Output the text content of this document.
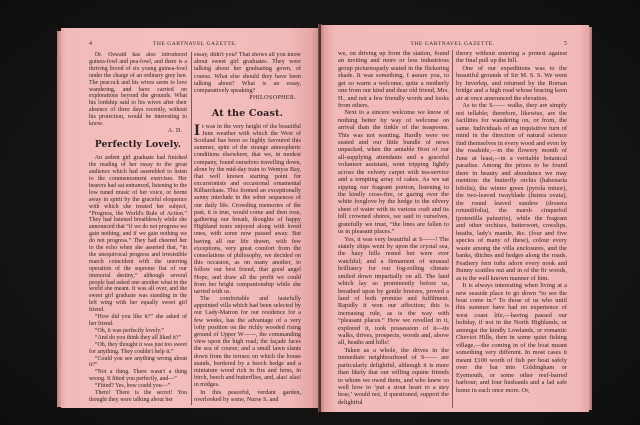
4	THE GARTNAVEL GAZETTE.

Dr. Oswald has also introduced guinea-fowl and pea-fowl, and there is a thriving brood of six young guinea-fowl under the charge of an ordinary grey hen. The peacock and his wives seem to love wandering, and have carried on explorations beyond the grounds. What his lordship said to his wives after their absence of three days recently, without his protection, would be interesting to know.

A. D.

Perfectly Lovely.

An ardent girl graduate had finished the reading of her essay to the great audience which had assembled to listen to the commencement exercises. Her hearers had sat entranced, listening to the low tuned music of her voice, or borne away in spirit by the graceful eloquence with which she treated her subject, “Progress, the World's Rule of Action.” They had listened breathlessly while she announced that “if we do not progress we gain nothing, and if we gain nothing we do not progress.” They had cheered her to the echo when she asserted that, “in the unequivocal progress and irresistible march coincident with the unerring operation of the supreme fiat of our immortal destiny,” although several people had asked one another what in the world she meant. It was all over, and the sweet girl graduate was standing in the left wing with her equally sweet girl friend.

“How did you like it?” she asked of her friend.

“Oh, it was perfectly lovely.”

“And do you think they all liked it?”

“Oh, they thought it was just too sweet for anything. They couldn't help it.”

“Could you see anything wrong about it?”

“Not a thing. There wasn't a thing wrong. It fitted you perfectly, and—”

“Fitted? Yes, how could you—”

There! There is the secret! You thought they were talking about her

essay, didn't you? That shows all you know about sweet girl graduates. They were talking about her graduating gown, of course. What else should they have been talking about? What is an essay, comparatively speaking?

PHILOSOPHER.

At the Coast.

It was in the very height of the beautiful June weather with which the West of Scotland has been so highly favoured this summer, spite of the strange atmospheric conditions elsewhere, that we, in modest company, found ourselves travelling down, alone by the mid-day train to Wemyss Bay, that well known starting point for excursionists and occasional ornamental Kilbarchans. This formed an exceptionally sunny interlude in the sober sequences of our daily life. Crowding memories of the past, it is true, would come and then rose, gathering our breath, thoughts of happy Highland tours enjoyed along with loved ones, with some now passed away. But having all our life drawn, with few exceptions, very great comfort from the consolations of philosophy, we decided on this occasion, as on many another, to follow our best friend, that good angel Hope, and draw all the profit we could from her bright companionship while she tarried with us.

The comfortable and tastefully appointed villa which had been selected by our Lady-Matron for our residence for a few weeks, has the advantage of a very lofty position on the richly wooded rising ground of Upper W——, the commanding view upon the high road; the façade faces the sea of course; and a small lawn slants down from the terrace on which the house stands, bordered by a beech hedge and a miniature wood rich in firs and ferns, in birch, beech and butterflies, and, alas! alas! in midges.

In this peaceful, verdant garden, overlooked by some, Nurse S. and

THE GARTNAVEL GAZETTE.	5

we, on driving up from the station, found an inviting and more or less industrious group picturesquely seated in the flickering shade. It was something, I assure you, to get so warm a welcome, quite a motherly one from our kind and dear old friend, Mrs. H., and not a few friendly words and looks from others.

Next to a sincere welcome we know of nothing better by way of welcome on arrival than the tinkle of the teaspoons. This was not wanting. Hardly were we seated and our little bundle of news unpacked, when the amiable Host of our all-supplying attendants and a graceful volunteer assistant, went tripping lightly across the velvety carpet with tea-service and a tempting array of cakes. As we sat sipping our fragrant portion, listening to the kindly cross-fire, or gazing over the white foxglove by the hedge to the silvery sheet of water with its various craft and its hill crowned shores, we said to ourselves, gratefully we trust, “the lines are fallen to us in pleasant places.”

Yes, it was very beautiful at S——! The stately ships went by upon the crystal sea, the hazy hills rested but were ever watchful; and a firmament of unusual brilliancy for our fog-rolling climate smiled down impartially on all. The land which lay so prominently before us, breathed upon by gentle breezes, proved a land of both promise and fulfilment. Rapidly it won our affection; this is increasing rule, as is the way with “pleasant places.” How we revelled in it, explored it, took possession of it—its walks, drives, prospects, woods and, above all, heaths and hills!

Taken as a whole, the drives in the immediate neighbourhood of S—— are particularly delightful, although it is more than likely that our willing equine friends to whom we owed them, and who knew so well how to ‘put a stout heart to a stey brae,’ would not, if questioned, support the delightful

theory without entering a protest against the final pull up the hill.

One of our expeditions was to the beautiful grounds of Sir M. S. S. We went by Inverkip, and returned by the Roman bridge and a high road whose bracing keen air at once announced the elevation.

As to the S—— walks, they are simply not tellable; therefore, likewise, are the facilities for wandering on, or from, the same. Individuals of an inquisitive turn of mind in the direction of natural science find themselves in every wood and even by the roadside,—in the flowery month of June at least,—in a veritable botanical paradise. Among the prizes to be found there in beauty and abundance we may mention: the butterfly orchis (habenaria bifolia), the winter green (pyrola minor), the two-leaved twayblade (listera ovata), the round leaved sundew (drosera rotundifolia), the marsh cinquefoil (potentilla palustris), while the fragrant and other orchises, butterwort, cowslips, heaths, lady's mantle, &c. (four and five species of many of these), colour every waste among the villa enclosures, and the banks, ditches and hedges along the roads. Feathery fern tufts adorn every nook and Bunny scuttles out and in of the fir woods, as is the well known manner of him.

It is always interesting when living at a new seaside place to go down “to see the boat come in.” To those of us who until this summer have had no experience of west coast life,—having passed our holiday, if not in the North Highlands, or amongst the kindly Lowlands, or romantic Cheviot Hills, then in some quiet fishing village,—the coming in of the boat meant something very different. In most cases it meant £100 worth of fish per boat safely over the bar into Coldingham or Eyemouth, or some other reef-barred harbour; and four husbands and a lad safe home in each once more. Or,
